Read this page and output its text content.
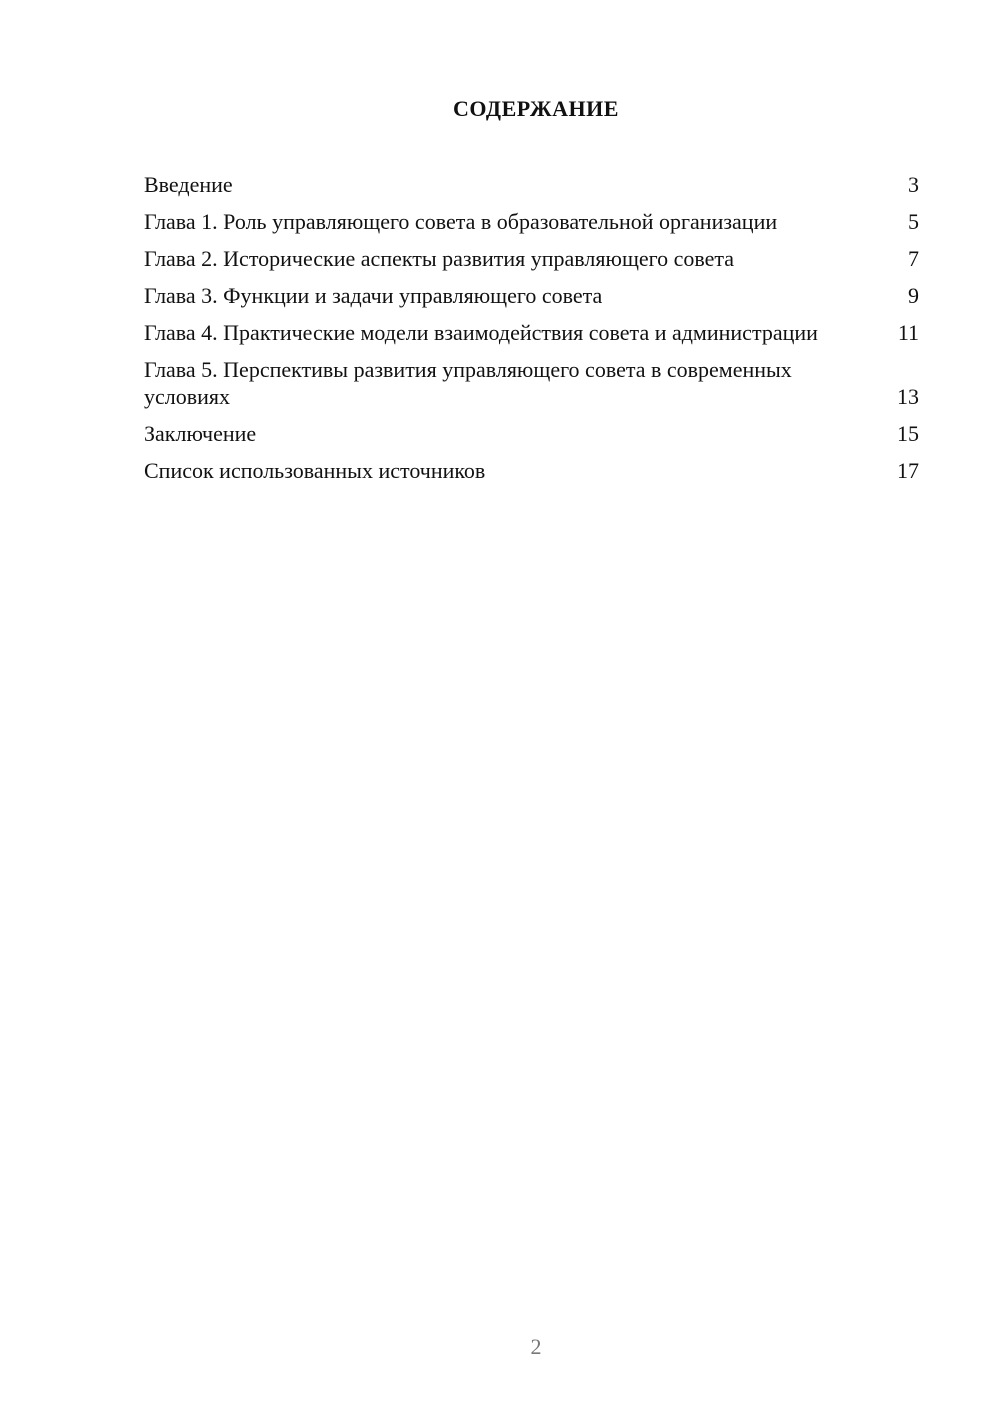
СОДЕРЖАНИЕ
Введение	3
Глава 1. Роль управляющего совета в образовательной организации	5
Глава 2. Исторические аспекты развития управляющего совета	7
Глава 3. Функции и задачи управляющего совета	9
Глава 4. Практические модели взаимодействия совета и администрации	11
Глава 5. Перспективы развития управляющего совета в современных условиях	13
Заключение	15
Список использованных источников	17
2
